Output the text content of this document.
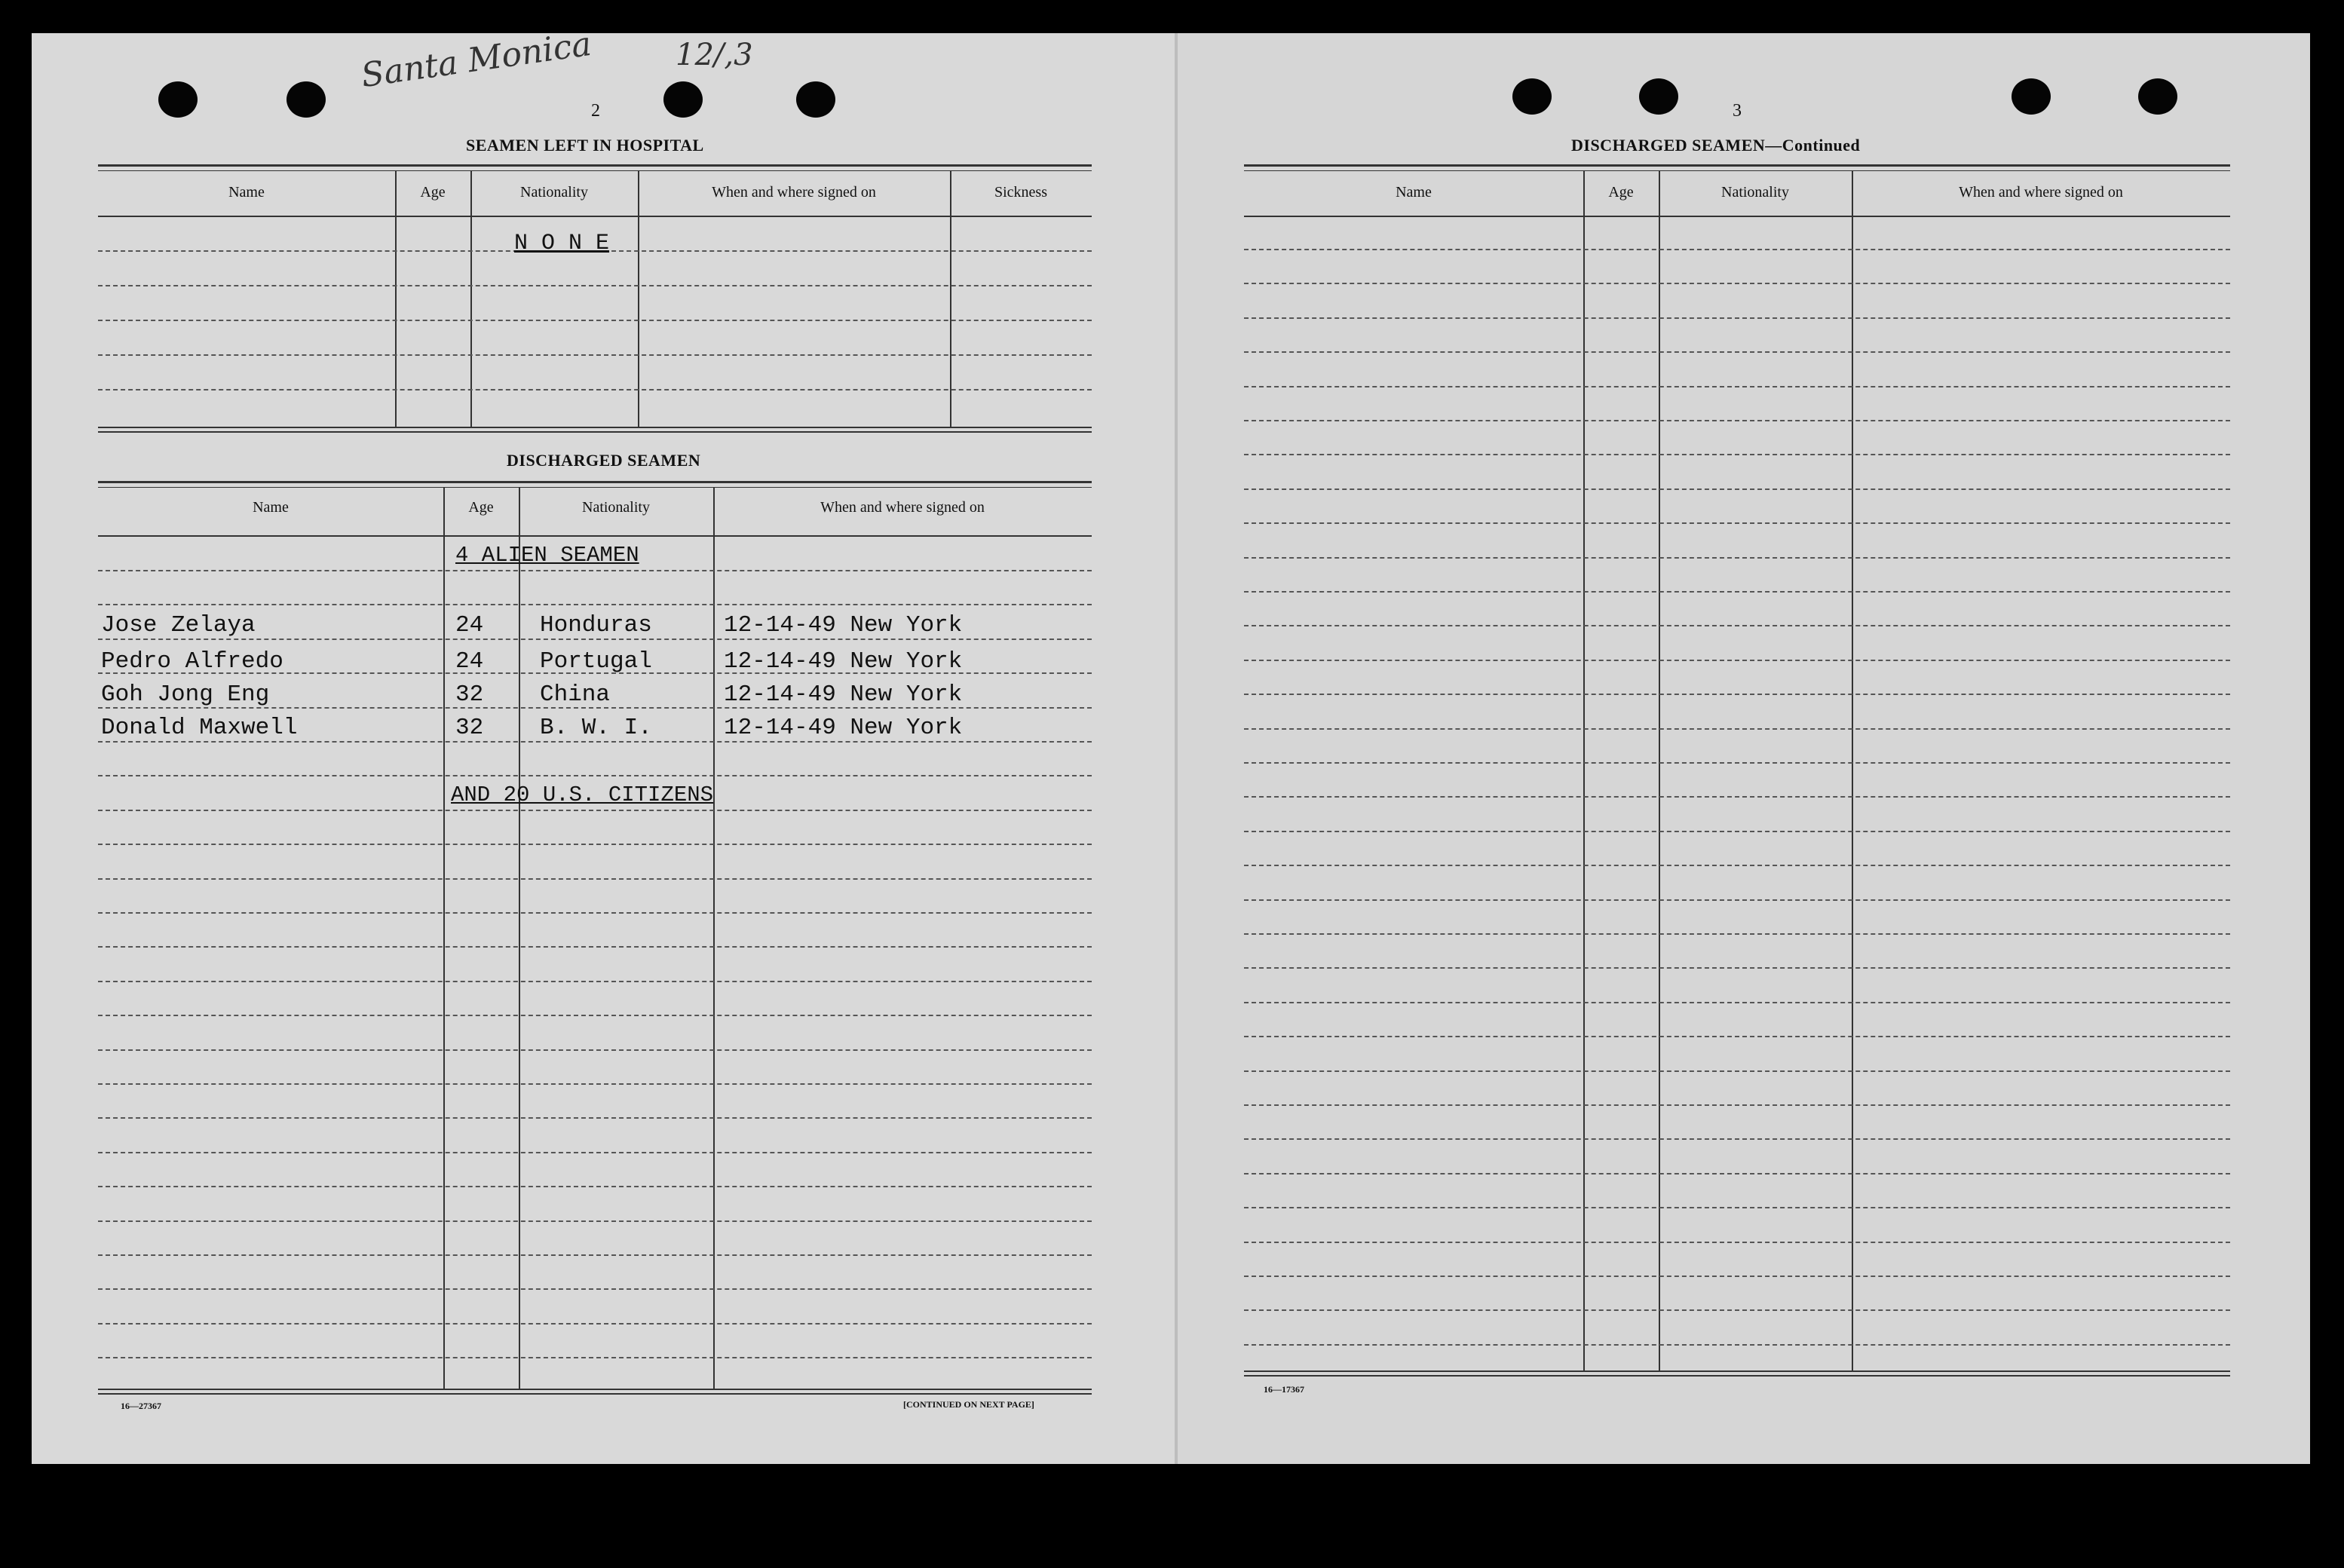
Santa Monica	12/,3
2
SEAMEN LEFT IN HOSPITAL
Name	Age	Nationality	When and where signed on	Sickness
N O N E
DISCHARGED SEAMEN
Name	Age	Nationality	When and where signed on
4 ALIEN SEAMEN
Jose Zelaya	24 Honduras	12-14-49 New York
Pedro Alfredo	24 Portugal	12-14-49 New York
Goh Jong Eng	32 China	12-14-49 New York
Donald Maxwell	32 B. W. I.	12-14-49 New York
AND 20 U.S. CITIZENS
16—27367	[CONTINUED ON NEXT PAGE]
3
DISCHARGED SEAMEN—Continued
Name	Age	Nationality	When and where signed on
16—17367
